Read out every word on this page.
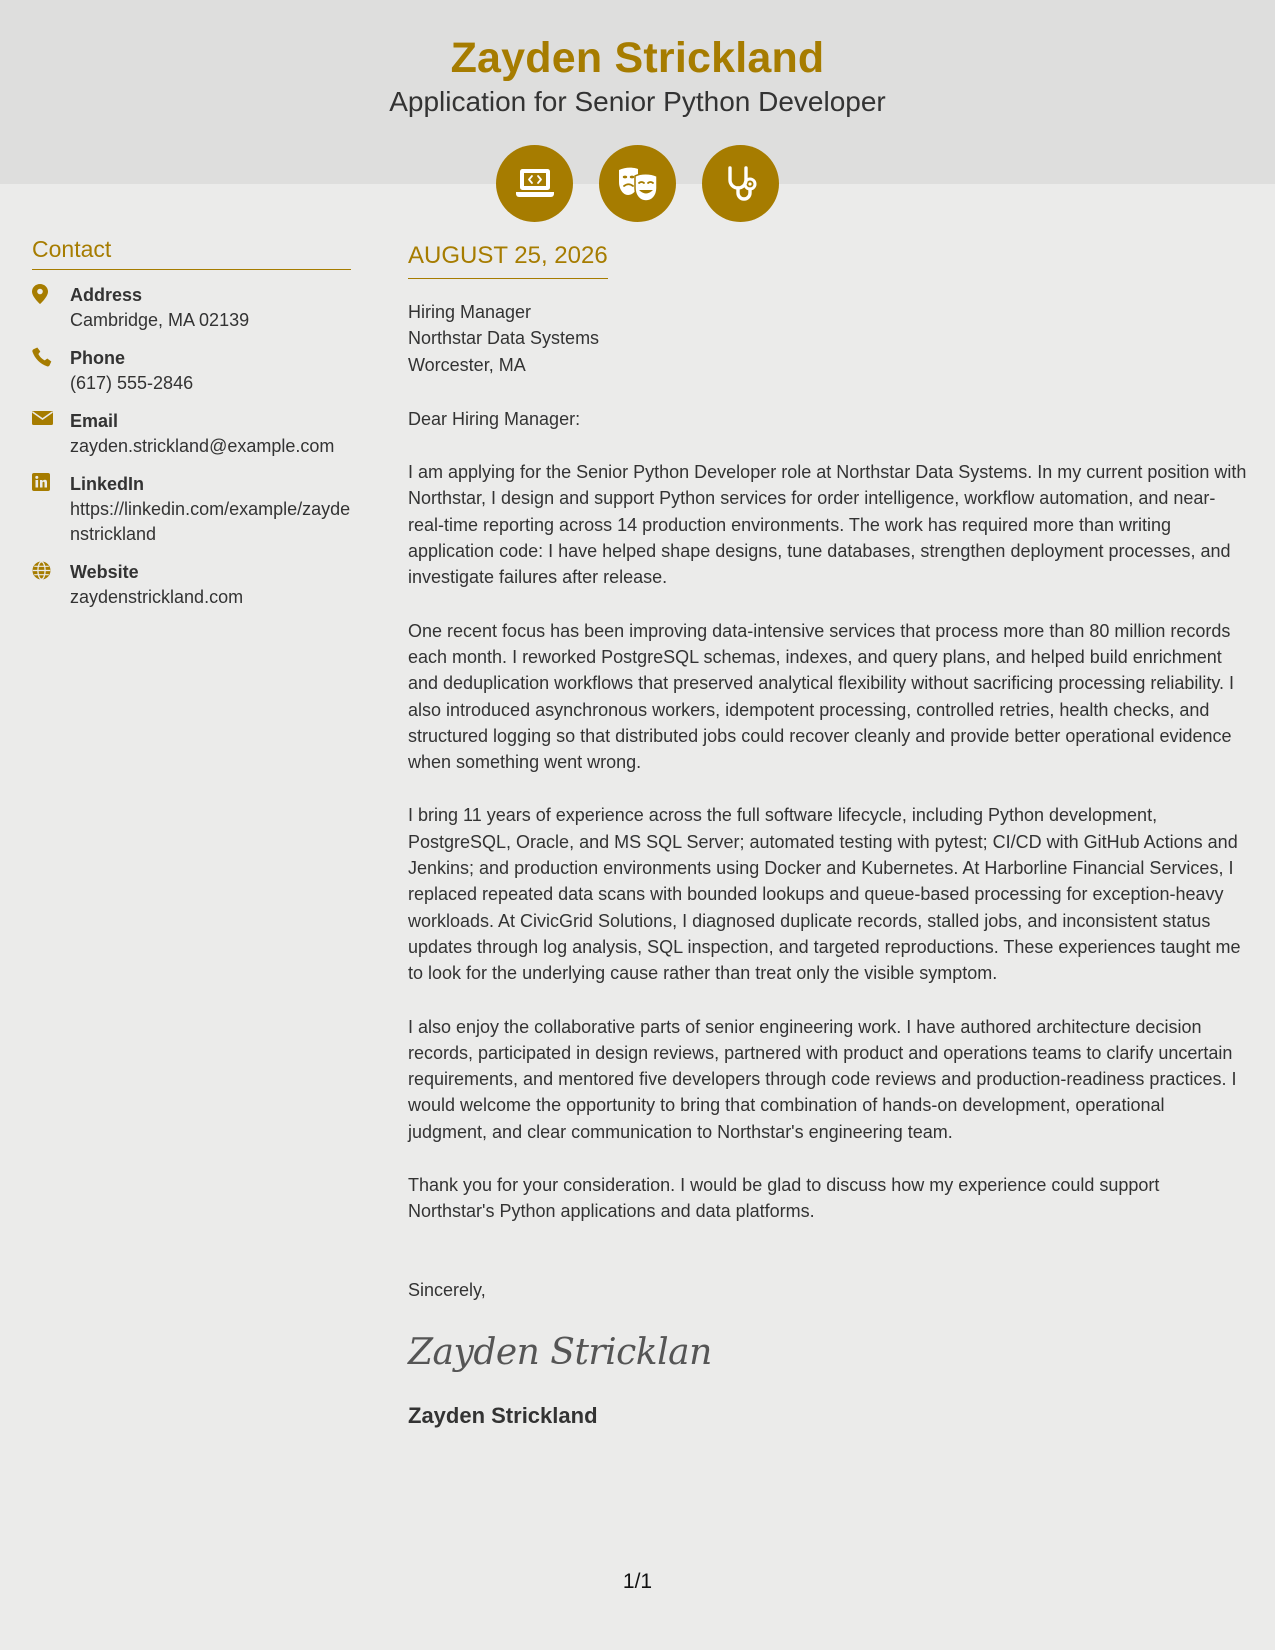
Zayden Strickland
Application for Senior Python Developer
Contact
Address
Cambridge, MA 02139
Phone
(617) 555-2846
Email
zayden.strickland@example.com
LinkedIn
https://linkedin.com/example/zaydenstrickland
Website
zaydenstrickland.com
AUGUST 25, 2026
Hiring Manager
Northstar Data Systems
Worcester, MA
Dear Hiring Manager:

I am applying for the Senior Python Developer role at Northstar Data Systems. In my current position with Northstar, I design and support Python services for order intelligence, workflow automation, and near-real-time reporting across 14 production environments. The work has required more than writing application code: I have helped shape designs, tune databases, strengthen deployment processes, and investigate failures after release.

One recent focus has been improving data-intensive services that process more than 80 million records each month. I reworked PostgreSQL schemas, indexes, and query plans, and helped build enrichment and deduplication workflows that preserved analytical flexibility without sacrificing processing reliability. I also introduced asynchronous workers, idempotent processing, controlled retries, health checks, and structured logging so that distributed jobs could recover cleanly and provide better operational evidence when something went wrong.

I bring 11 years of experience across the full software lifecycle, including Python development, PostgreSQL, Oracle, and MS SQL Server; automated testing with pytest; CI/CD with GitHub Actions and Jenkins; and production environments using Docker and Kubernetes. At Harborline Financial Services, I replaced repeated data scans with bounded lookups and queue-based processing for exception-heavy workloads. At CivicGrid Solutions, I diagnosed duplicate records, stalled jobs, and inconsistent status updates through log analysis, SQL inspection, and targeted reproductions. These experiences taught me to look for the underlying cause rather than treat only the visible symptom.

I also enjoy the collaborative parts of senior engineering work. I have authored architecture decision records, participated in design reviews, partnered with product and operations teams to clarify uncertain requirements, and mentored five developers through code reviews and production-readiness practices. I would welcome the opportunity to bring that combination of hands-on development, operational judgment, and clear communication to Northstar's engineering team.

Thank you for your consideration. I would be glad to discuss how my experience could support Northstar's Python applications and data platforms.

Sincerely,
Zayden Stricklan
Zayden Strickland
1/1
